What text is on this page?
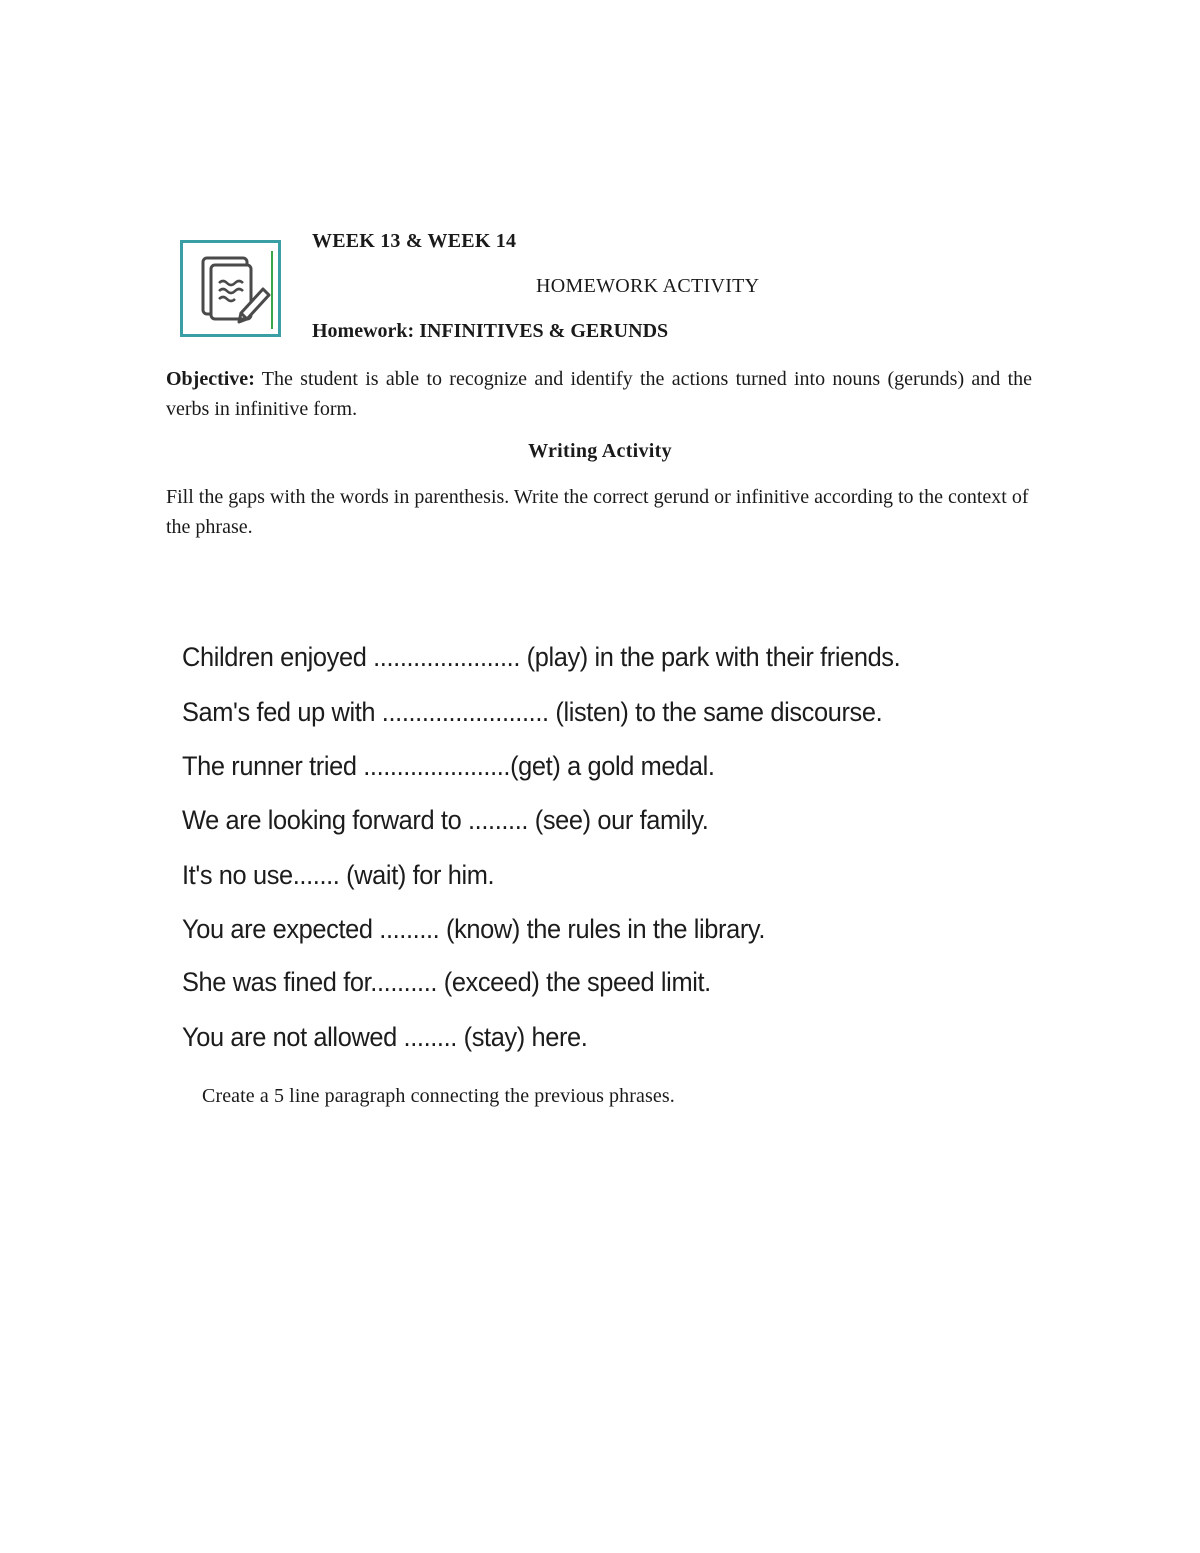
WEEK 13 & WEEK 14
HOMEWORK ACTIVITY
Homework: INFINITIVES & GERUNDS
Objective: The student is able to recognize and identify the actions turned into nouns (gerunds) and the verbs in infinitive form.
Writing Activity
Fill the gaps with the words in parenthesis. Write the correct gerund or infinitive according to the context of the phrase.
Children enjoyed ...................... (play) in the park with their friends.
Sam's fed up with ......................... (listen) to the same discourse.
The runner tried ......................(get) a gold medal.
We are looking forward to ......... (see) our family.
It's no use....... (wait) for him.
You are expected ......... (know) the rules in the library.
She was fined for.......... (exceed) the speed limit.
You are not allowed ........ (stay) here.
Create a 5 line paragraph connecting the previous phrases.
